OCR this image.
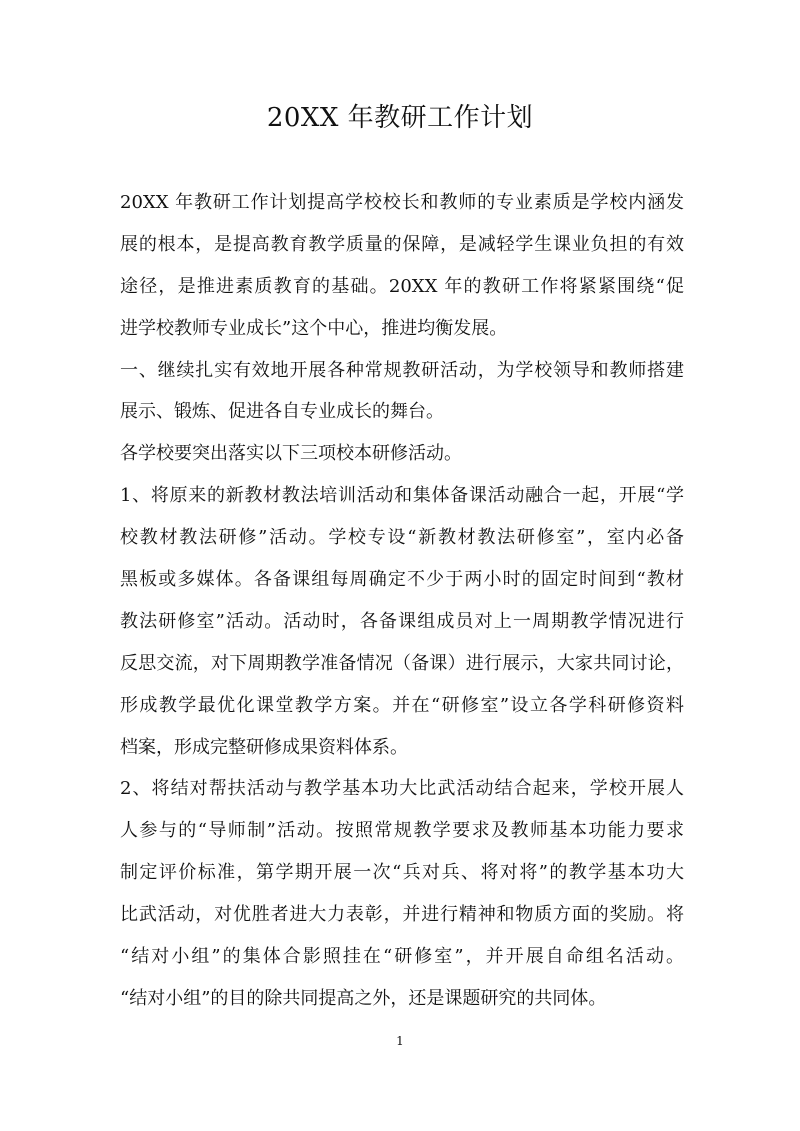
20XX 年教研工作计划
20XX 年教研工作计划提高学校校长和教师的专业素质是学校内涵发
展的根本，是提高教育教学质量的保障，是减轻学生课业负担的有效
途径，是推进素质教育的基础。20XX 年的教研工作将紧紧围绕“促
进学校教师专业成长”这个中心，推进均衡发展。
一、继续扎实有效地开展各种常规教研活动，为学校领导和教师搭建
展示、锻炼、促进各自专业成长的舞台。
各学校要突出落实以下三项校本研修活动。
1、将原来的新教材教法培训活动和集体备课活动融合一起，开展“学
校教材教法研修”活动。学校专设“新教材教法研修室”，室内必备
黑板或多媒体。各备课组每周确定不少于两小时的固定时间到“教材
教法研修室”活动。活动时，各备课组成员对上一周期教学情况进行
反思交流，对下周期教学准备情况（备课）进行展示，大家共同讨论，
形成教学最优化课堂教学方案。并在“研修室”设立各学科研修资料
档案，形成完整研修成果资料体系。
2、将结对帮扶活动与教学基本功大比武活动结合起来，学校开展人
人参与的“导师制”活动。按照常规教学要求及教师基本功能力要求
制定评价标准，第学期开展一次“兵对兵、将对将”的教学基本功大
比武活动，对优胜者进大力表彰，并进行精神和物质方面的奖励。将
“结对小组”的集体合影照挂在“研修室”，并开展自命组名活动。
“结对小组”的目的除共同提高之外，还是课题研究的共同体。
1
